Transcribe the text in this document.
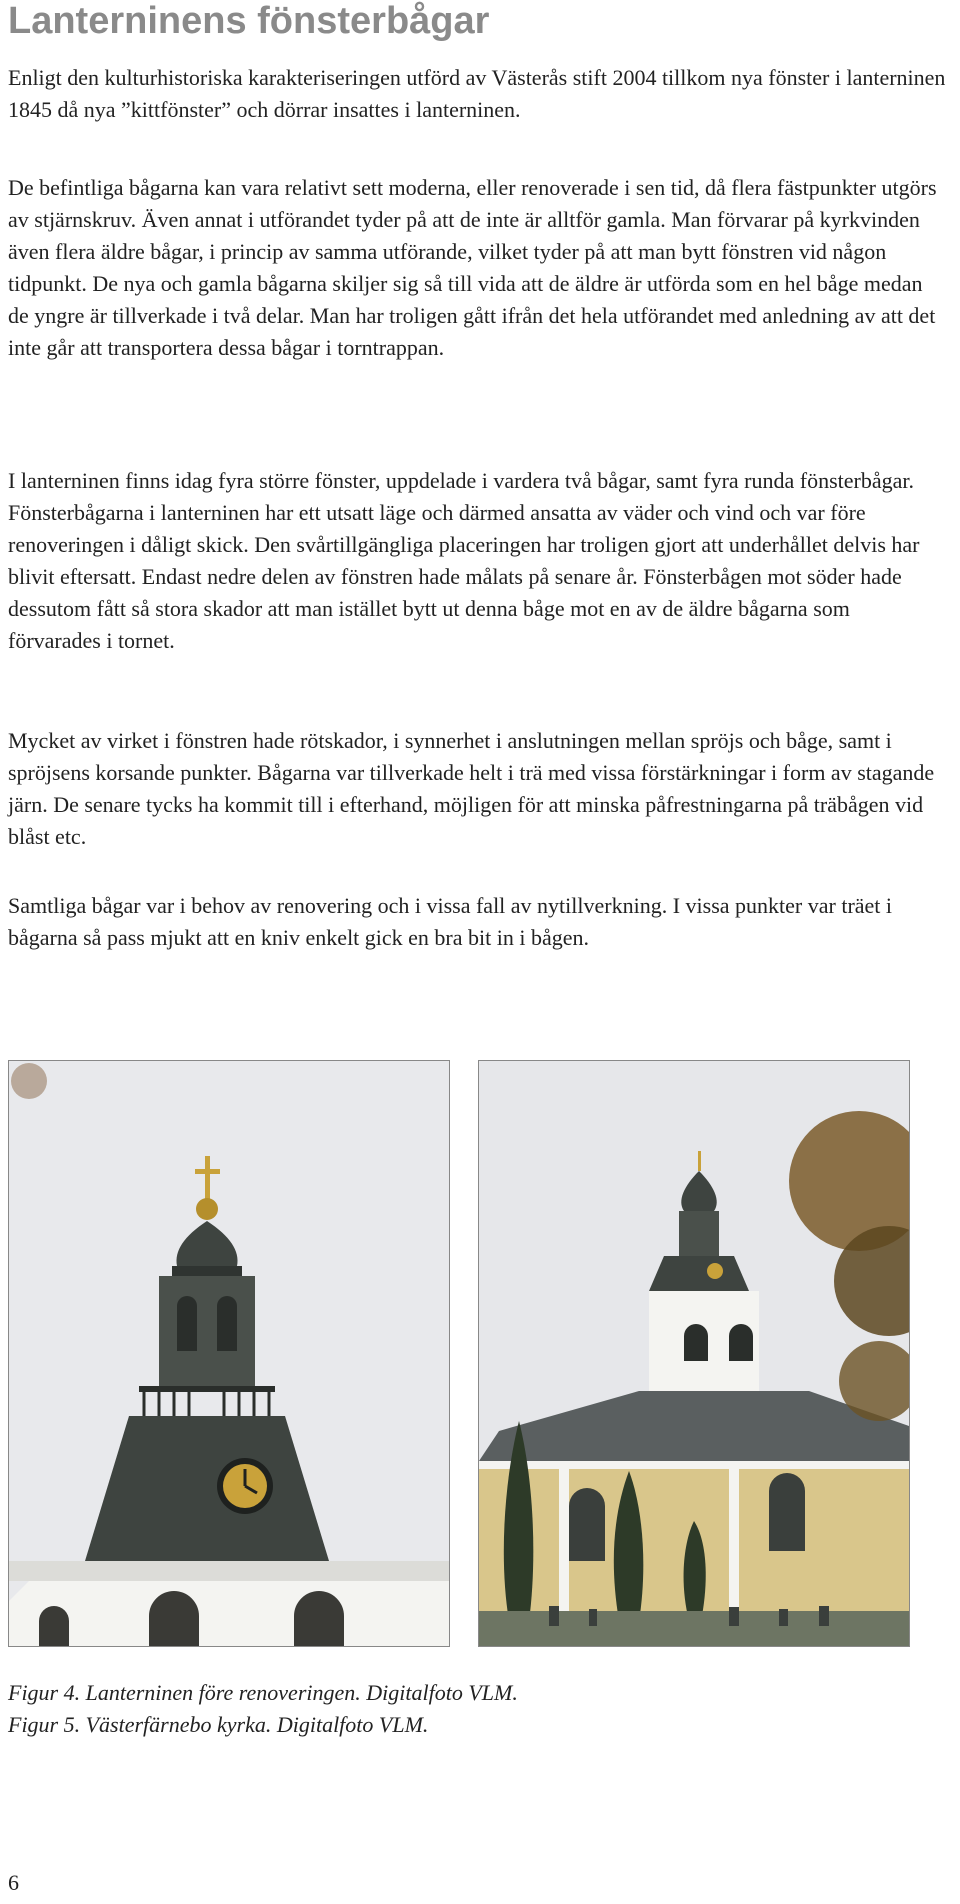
Lanterninens fönsterbågar

Enligt den kulturhistoriska karakteriseringen utförd av Västerås stift 2004 tillkom nya fönster i lanterninen 1845 då nya ”kittfönster” och dörrar insattes i lanterninen.

De befintliga bågarna kan vara relativt sett moderna, eller renoverade i sen tid, då flera fästpunkter utgörs av stjärnskruv. Även annat i utförandet tyder på att de inte är alltför gamla. Man förvarar på kyrkvinden även flera äldre bågar, i princip av samma utförande, vilket tyder på att man bytt fönstren vid någon tidpunkt. De nya och gamla bågarna skiljer sig så till vida att de äldre är utförda som en hel båge medan de yngre är tillverkade i två delar. Man har troligen gått ifrån det hela utförandet med anledning av att det inte går att transportera dessa bågar i torntrappan.

I lanterninen finns idag fyra större fönster, uppdelade i vardera två bågar, samt fyra runda fönsterbågar. Fönsterbågarna i lanterninen har ett utsatt läge och därmed ansatta av väder och vind och var före renoveringen i dåligt skick. Den svårtillgängliga placeringen har troligen gjort att underhållet delvis har blivit eftersatt. Endast nedre delen av fönstren hade målats på senare år. Fönsterbågen mot söder hade dessutom fått så stora skador att man istället bytt ut denna båge mot en av de äldre bågarna som förvarades i tornet.

Mycket av virket i fönstren hade rötskador, i synnerhet i anslutningen mellan spröjs och båge, samt i spröjsens korsande punkter. Bågarna var tillverkade helt i trä med vissa förstärkningar i form av stagande järn. De senare tycks ha kommit till i efterhand, möjligen för att minska påfrestningarna på träbågen vid blåst etc.

Samtliga bågar var i behov av renovering och i vissa fall av nytillverkning. I vissa punkter var träet i bågarna så pass mjukt att en kniv enkelt gick en bra bit in i bågen.

Figur 4. Lanterninen före renoveringen. Digitalfoto VLM.

Figur 5. Västerfärnebo kyrka. Digitalfoto VLM.

6
